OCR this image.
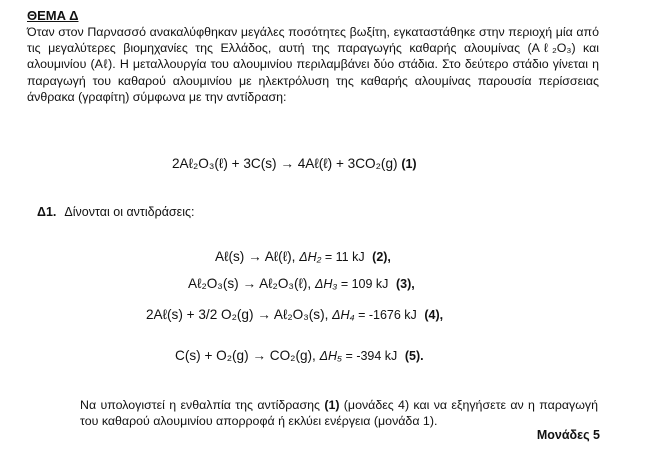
ΘΕΜΑ Δ
Όταν στον Παρνασσό ανακαλύφθηκαν μεγάλες ποσότητες βωξίτη, εγκαταστάθηκε στην περιοχή μία από τις μεγαλύτερες βιομηχανίες της Ελλάδος, αυτή της παραγωγής καθαρής αλουμίνας (Aℓ₂O₃) και αλουμινίου (Aℓ). Η μεταλλουργία του αλουμινίου περιλαμβάνει δύο στάδια. Στο δεύτερο στάδιο γίνεται η παραγωγή του καθαρού αλουμινίου με ηλεκτρόλυση της καθαρής αλουμίνας παρουσία περίσσειας άνθρακα (γραφίτη) σύμφωνα με την αντίδραση:
2Aℓ₂O₃(ℓ) + 3C(s) → 4Aℓ(ℓ) + 3CO₂(g) (1)
Δ1. Δίνονται οι αντιδράσεις:
Aℓ(s) → Aℓ(ℓ), ΔH₂ = 11 kJ (2),
Aℓ₂O₃(s) → Aℓ₂O₃(ℓ), ΔH₃ = 109 kJ (3),
2Aℓ(s) + 3/2 O₂(g) → Aℓ₂O₃(s), ΔH₄ = -1676 kJ (4),
C(s) + O₂(g) → CO₂(g), ΔH₅ = -394 kJ (5).
Να υπολογιστεί η ενθαλπία της αντίδρασης (1) (μονάδες 4) και να εξηγήσετε αν η παραγωγή του καθαρού αλουμινίου απορροφά ή εκλύει ενέργεια (μονάδα 1).
Μονάδες 5
